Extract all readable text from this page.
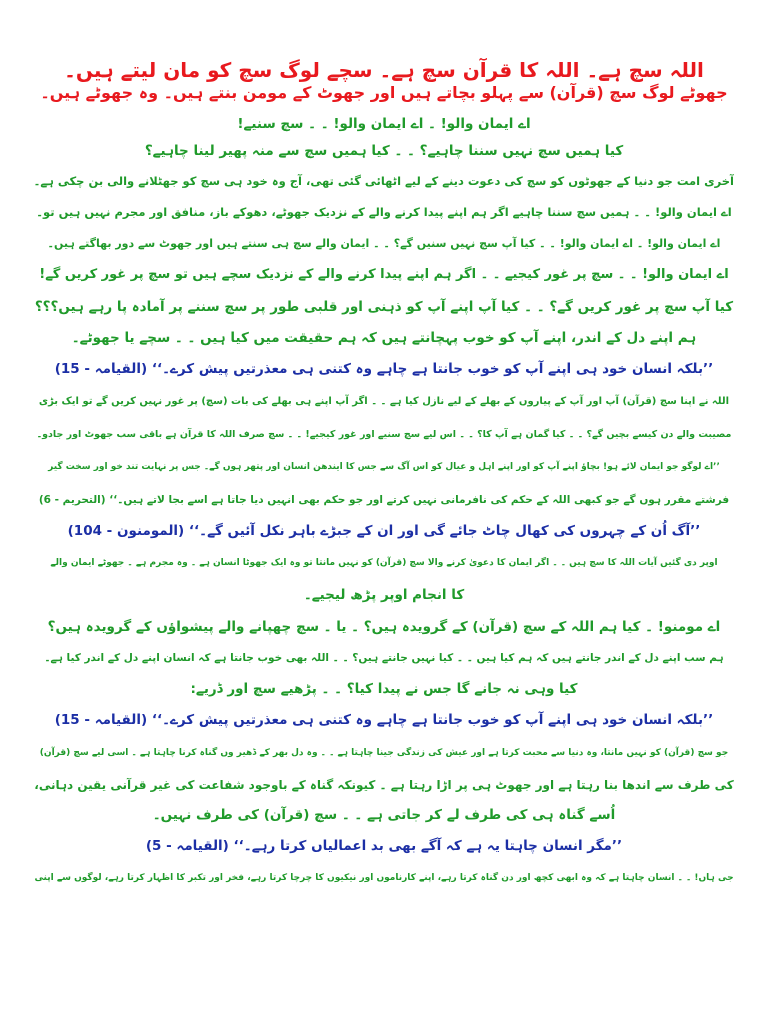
اللہ سچ ہے۔ اللہ کا قرآن سچ ہے۔ سچے لوگ سچ کو مان لیتے ہیں۔

جھوٹے لوگ سچ (قرآن) سے پہلو بچاتے ہیں اور جھوٹ کے مومن بنتے ہیں۔ وہ جھوٹے ہیں۔

اے ایمان والو! ۔ اے ایمان والو! ۔ ۔ سچ سنیے!

کیا ہمیں سچ نہیں سننا چاہیے؟ ۔ ۔ کیا ہمیں سچ سے منہ پھیر لینا چاہیے؟

آخری امت جو دنیا کے جھوٹوں کو سچ کی دعوت دینے کے لیے اٹھائی گئی تھی، آج وہ خود ہی سچ کو جھٹلانے والی بن چکی ہے۔

اے ایمان والو! ۔ ۔ ہمیں سچ سننا چاہیے اگر ہم اپنے پیدا کرنے والے کے نزدیک جھوٹے، دھوکے باز، منافق اور مجرم نہیں ہیں تو۔

اے ایمان والو! ۔ اے ایمان والو! ۔ ۔ کیا آپ سچ نہیں سنیں گے؟ ۔ ۔ ایمان والے سچ ہی سنتے ہیں اور جھوٹ سے دور بھاگتے ہیں۔

اے ایمان والو! ۔ ۔ سچ پر غور کیجیے ۔ ۔ اگر ہم اپنے پیدا کرنے والے کے نزدیک سچے ہیں تو سچ پر غور کریں گے!

کیا آپ سچ پر غور کریں گے؟ ۔ ۔ کیا آپ اپنے آپ کو ذہنی اور قلبی طور پر سچ سننے پر آمادہ پا رہے ہیں؟؟؟

ہم اپنے دل کے اندر، اپنے آپ کو خوب پہچانتے ہیں کہ ہم حقیقت میں کیا ہیں ۔ ۔ سچے یا جھوٹے۔

’’بلکہ انسان خود ہی اپنے آپ کو خوب جانتا ہے چاہے وہ کتنی ہی معذرتیں پیش کرے۔‘‘ (القیامہ - 15)

اللہ نے اپنا سچ (قرآن) آپ اور آپ کے پیاروں کے بھلے کے لیے نازل کیا ہے ۔ ۔ اگر آپ اپنے ہی بھلے کی بات (سچ) پر غور نہیں کریں گے تو ایک بڑی

مصیبت والے دن کیسے بچیں گے؟ ۔ ۔ کیا گمان ہے آپ کا؟ ۔ ۔ اس لیے سچ سنیے اور غور کیجیے! ۔ ۔ سچ صرف اللہ کا قرآن ہے باقی سب جھوٹ اور جادو۔

’’اے لوگو جو ایمان لائے ہو! بچاؤ اپنے آپ کو اور اپنے اہل و عیال کو اس آگ سے جس کا ایندھن انسان اور پتھر ہوں گے۔ جس پر نہایت تند خو اور سخت گیر

فرشتے مقرر ہوں گے جو کبھی اللہ کے حکم کی نافرمانی نہیں کرتے اور جو حکم بھی انہیں دیا جاتا ہے اسے بجا لاتے ہیں۔‘‘ (التحریم - 6)

’’آگ اُن کے چہروں کی کھال چاٹ جائے گی اور ان کے جبڑے باہر نکل آئیں گے۔‘‘ (المومنون - 104)

اوپر دی گئیں آیات اللہ کا سچ ہیں ۔ ۔ اگر ایمان کا دعویٰ کرنے والا سچ (قرآن) کو نہیں مانتا تو وہ ایک جھوٹا انسان ہے ۔ وہ مجرم ہے ۔ جھوٹے ایمان والے

کا انجام اوپر پڑھ لیجیے۔

اے مومنو! ۔ کیا ہم اللہ کے سچ (قرآن) کے گرویدہ ہیں؟ ۔ یا ۔ سچ چھپانے والے پیشواؤں کے گرویدہ ہیں؟

ہم سب اپنے دل کے اندر جانتے ہیں کہ ہم کیا ہیں ۔ ۔ کیا نہیں جانتے ہیں؟ ۔ ۔ اللہ بھی خوب جانتا ہے کہ انسان اپنے دل کے اندر کیا ہے۔

کیا وہی نہ جانے گا جس نے پیدا کیا؟ ۔ ۔ پڑھیے سچ اور ڈریے:

’’بلکہ انسان خود ہی اپنے آپ کو خوب جانتا ہے چاہے وہ کتنی ہی معذرتیں پیش کرے۔‘‘ (القیامہ - 15)

جو سچ (قرآن) کو نہیں مانتا، وہ دنیا سے محبت کرتا ہے اور عیش کی زندگی جینا چاہتا ہے ۔ ۔ وہ دل بھر کے ڈھیر وں گناہ کرنا چاہتا ہے ۔ اسی لیے سچ (قرآن)

کی طرف سے اندھا بنا رہتا ہے اور جھوٹ ہی پر اڑا رہتا ہے ۔ کیونکہ گناہ کے باوجود شفاعت کی غیر قرآنی یقین دہانی،

اُسے گناہ ہی کی طرف لے کر جاتی ہے ۔ ۔ سچ (قرآن) کی طرف نہیں۔

’’مگر انسان چاہتا یہ ہے کہ آگے بھی بد اعمالیاں کرتا رہے۔‘‘ (القیامہ - 5)

جی ہاں! ۔ ۔ انسان چاہتا ہے کہ وہ ابھی کچھ اور دن گناہ کرتا رہے، اپنے کارناموں اور نیکیوں کا چرچا کرتا رہے، فخر اور تکبر کا اظہار کرتا رہے، لوگوں سے اپنی
